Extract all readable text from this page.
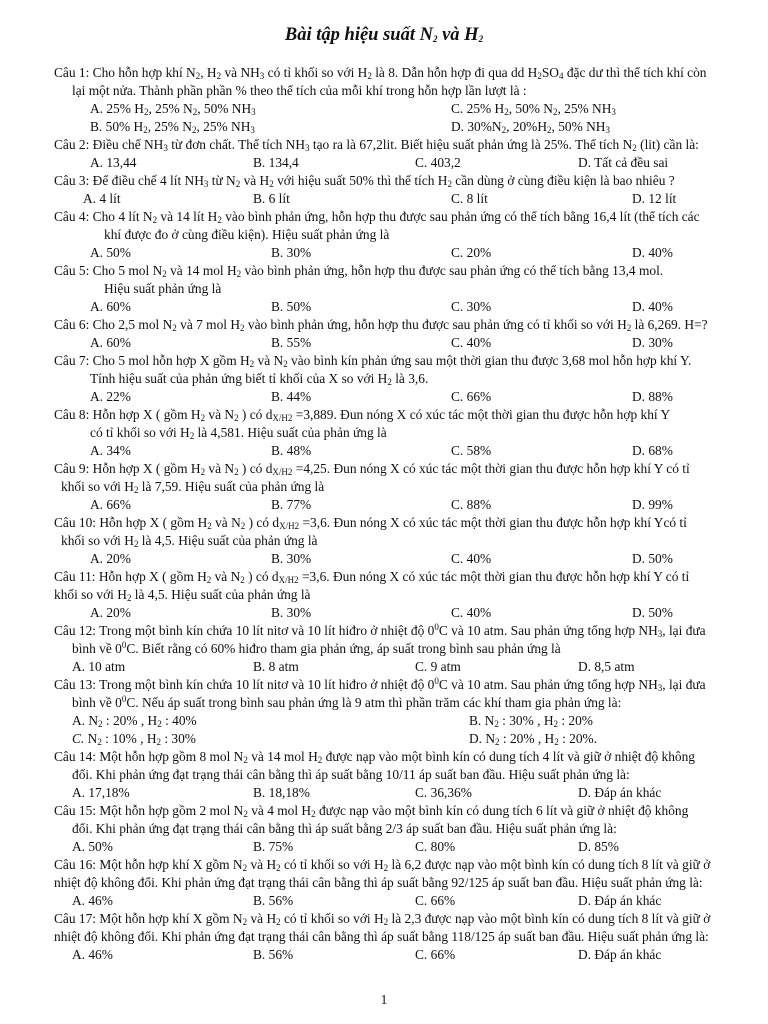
Bài tập hiệu suất $N_2$ và $H_2$
Câu 1: Cho hỗn hợp khí $N_2$, $H_2$ và $NH_3$ có tỉ khối so với $H_2$ là 8. Dẫn hỗn hợp đi qua dd $H_2SO_4$ đặc dư thì thể tích khí còn
lại một nửa. Thành phần phần % theo thể tích của mỗi khí trong hỗn hợp lần lượt là :
A. 25% $H_2$, 25% $N_2$, 50% $NH_3$	C. 25% $H_2$, 50% $N_2$, 25% $NH_3$
B. 50% $H_2$, 25% $N_2$, 25% $NH_3$	D. $30\%N_2$, $20\%H_2$, 50% $NH_3$
Câu 2: Điều chế $NH_3$ từ đơn chất. Thể tích $NH_3$ tạo ra là 67,2lit. Biết hiệu suất phản ứng là 25%. Thể tích $N_2$ (lit) cần là:
A. 13,44	B. 134,4	C. 403,2	D. Tất cả đều sai
Câu 3: Để điều chế 4 lít $NH_3$ từ $N_2$ và $H_2$ với hiệu suất 50% thì thể tích $H_2$ cần dùng ở cùng điều kiện là bao nhiêu ?
A. 4 lít	B. 6 lít	C. 8 lít	D. 12 lít
Câu 4: Cho 4 lít $N_2$ và 14 lít $H_2$ vào bình phản ứng, hỗn hợp thu được sau phản ứng có thể tích bằng 16,4 lít (thể tích các
khí được đo ở cùng điều kiện). Hiệu suất phản ứng là
A. 50%	B. 30%	C. 20%	D. 40%
Câu 5: Cho 5 mol $N_2$ và 14 mol $H_2$ vào bình phản ứng, hỗn hợp thu được sau phản ứng có thể tích bằng 13,4 mol.
Hiệu suất phản ứng là
A. 60%	B. 50%	C. 30%	D. 40%
Câu 6: Cho 2,5 mol $N_2$ và 7 mol $H_2$ vào bình phản ứng, hỗn hợp thu được sau phản ứng có tỉ khối so với $H_2$ là 6,269. H=?
A. 60%	B. 55%	C. 40%	D. 30%
Câu 7: Cho 5 mol hỗn hợp X gồm $H_2$ và $N_2$ vào bình kín phản ứng sau một thời gian thu được 3,68 mol hỗn hợp khí Y.
Tính hiệu suất của phản ứng biết tỉ khối của X so với $H_2$ là 3,6.
A. 22%	B. 44%	C. 66%	D. 88%
Câu 8: Hỗn hợp X ( gồm $H_2$ và $N_2$ ) có $d_{X/H2} =3,889$. Đun nóng X có xúc tác một thời gian thu được hỗn hợp khí Y
có tỉ khối so với $H_2$ là 4,581. Hiệu suất của phản ứng là
A. 34%	B. 48%	C. 58%	D. 68%
Câu 9: Hỗn hợp X ( gồm $H_2$ và $N_2$ ) có $d_{X/H2} =4,25$. Đun nóng X có xúc tác một thời gian thu được hỗn hợp khí Y có tỉ
khối so với $H_2$ là 7,59. Hiệu suất của phản ứng là
A. 66%	B. 77%	C. 88%	D. 99%
Câu 10: Hỗn hợp X ( gồm $H_2$ và $N_2$ ) có $d_{X/H2} =3,6$. Đun nóng X có xúc tác một thời gian thu được hỗn hợp khí Ycó tỉ
khối so với $H_2$ là 4,5. Hiệu suất của phản ứng là
A. 20%	B. 30%	C. 40%	D. 50%
Câu 11: Hỗn hợp X ( gồm $H_2$ và $N_2$ ) có $d_{X/H2} =3,6$. Đun nóng X có xúc tác một thời gian thu được hỗn hợp khí Y có tỉ
khối so với $H_2$ là 4,5. Hiệu suất của phản ứng là
A. 20%	B. 30%	C. 40%	D. 50%
Câu 12: Trong một bình kín chứa 10 lít nitơ và 10 lít hiđro ở nhiệt độ $0^0C$ và 10 atm. Sau phản ứng tổng hợp $NH_3$, lại đưa
bình về $0^0C$. Biết rằng có 60% hiđro tham gia phản ứng, áp suất trong bình sau phản ứng là
A. 10 atm	B. 8 atm	C. 9 atm	D. 8,5 atm
Câu 13: Trong một bình kín chứa 10 lít nitơ và 10 lít hiđro ở nhiệt độ $0^0C$ và 10 atm. Sau phản ứng tổng hợp $NH_3$, lại đưa
bình về $0^0C$. Nếu áp suất trong bình sau phản ứng là 9 atm thì phần trăm các khí tham gia phản ứng là:
A. $N_2$ : 20% , $H_2$ : 40%	B. $N_2$ : 30% , $H_2$ : 20%
C. $N_2$ : 10% , $H_2$ : 30%	D. $N_2$ : 20% , $H_2$ : 20%.
Câu 14: Một hỗn hợp gồm 8 mol $N_2$ và 14 mol $H_2$ được nạp vào một bình kín có dung tích 4 lít và giữ ở nhiệt độ không
đổi. Khi phản ứng đạt trạng thái cân bằng thì áp suất bằng 10/11 áp suất ban đầu. Hiệu suất phản ứng là:
A. 17,18%	B. 18,18%	C. 36,36%	D. Đáp án khác
Câu 15: Một hỗn hợp gồm 2 mol $N_2$ và 4 mol $H_2$ được nạp vào một bình kín có dung tích 6 lít và giữ ở nhiệt độ không
đổi. Khi phản ứng đạt trạng thái cân bằng thì áp suất bằng 2/3 áp suất ban đầu. Hiệu suất phản ứng là:
A. 50%	B. 75%	C. 80%	D. 85%
Câu 16: Một hỗn hợp khí X gồm $N_2$ và $H_2$ có tỉ khối so với $H_2$ là 6,2 được nạp vào một bình kín có dung tích 8 lít và giữ ở
nhiệt độ không đổi. Khi phản ứng đạt trạng thái cân bằng thì áp suất bằng 92/125 áp suất ban đầu. Hiệu suất phản ứng là:
A. 46%	B. 56%	C. 66%	D. Đáp án khác
Câu 17: Một hỗn hợp khí X gồm $N_2$ và $H_2$ có tỉ khối so với $H_2$ là 2,3 được nạp vào một bình kín có dung tích 8 lít và giữ ở
nhiệt độ không đổi. Khi phản ứng đạt trạng thái cân bằng thì áp suất bằng 118/125 áp suất ban đầu. Hiệu suất phản ứng là:
A. 46%	B. 56%	C. 66%	D. Đáp án khác
1
